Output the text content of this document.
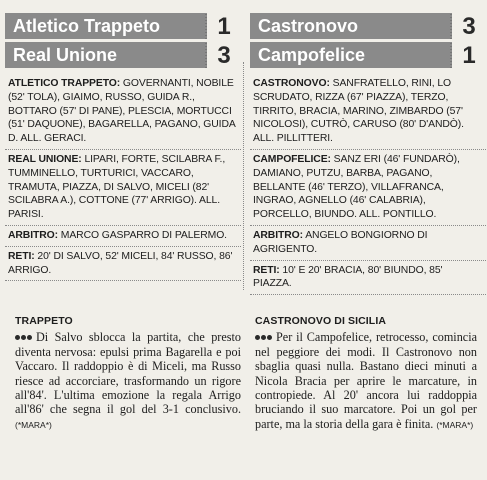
Atletico Trappeto	1
Real Unione	3
ATLETICO TRAPPETO: GOVERNANTI, NOBILE (52' TOLA), GIAIMO, RUSSO, GUIDA R., BOTTARO (57' DI PANE), PLESCIA, MORTUCCI (51' DAQUONE), BAGARELLA, PAGANO, GUIDA D. ALL. GERACI.
REAL UNIONE: LIPARI, FORTE, SCILABRA F., TUMMINELLO, TURTURICI, VACCARO, TRAMUTA, PIAZZA, DI SALVO, MICELI (82' SCILABRA A.), COTTONE (77' ARRIGO). ALL. PARISI.
ARBITRO: MARCO GASPARRO DI PALERMO.
RETI: 20' DI SALVO, 52' MICELI, 84' RUSSO, 86' ARRIGO.
Castronovo	3
Campofelice	1
CASTRONOVO: SANFRATELLO, RINI, LO SCRUDATO, RIZZA (67' PIAZZA), TERZO, TIRRITO, BRACIA, MARINO, ZIMBARDO (57' NICOLOSI), CUTRÒ, CARUSO (80' D'ANDÒ). ALL. PILLITTERI.
CAMPOFELICE: SANZ ERI (46' FUNDARÒ), DAMIANO, PUTZU, BARBA, PAGANO, BELLANTE (46' TERZO), VILLAFRANCA, INGRAO, AGNELLO (46' CALABRIA), PORCELLO, BIUNDO. ALL. PONTILLO.
ARBITRO: ANGELO BONGIORNO DI AGRIGENTO.
RETI: 10' E 20' BRACIA, 80' BIUNDO, 85' PIAZZA.
TRAPPETO
Di Salvo sblocca la partita, che presto diventa nervosa: epulsi prima Bagarella e poi Vaccaro. Il raddoppio è di Miceli, ma Russo riesce ad accorciare, trasformando un rigore all'84'. L'ultima emozione la regala Arrigo all'86' che segna il gol del 3-1 conclusivo. (*MARA*)
CASTRONOVO DI SICILIA
Per il Campofelice, retrocesso, comincia nel peggiore dei modi. Il Castronovo non sbaglia quasi nulla. Bastano dieci minuti a Nicola Bracia per aprire le marcature, in contropiede. Al 20' ancora lui raddoppia bruciando il suo marcatore. Poi un gol per parte, ma la storia della gara è finita. (*MARA*)
